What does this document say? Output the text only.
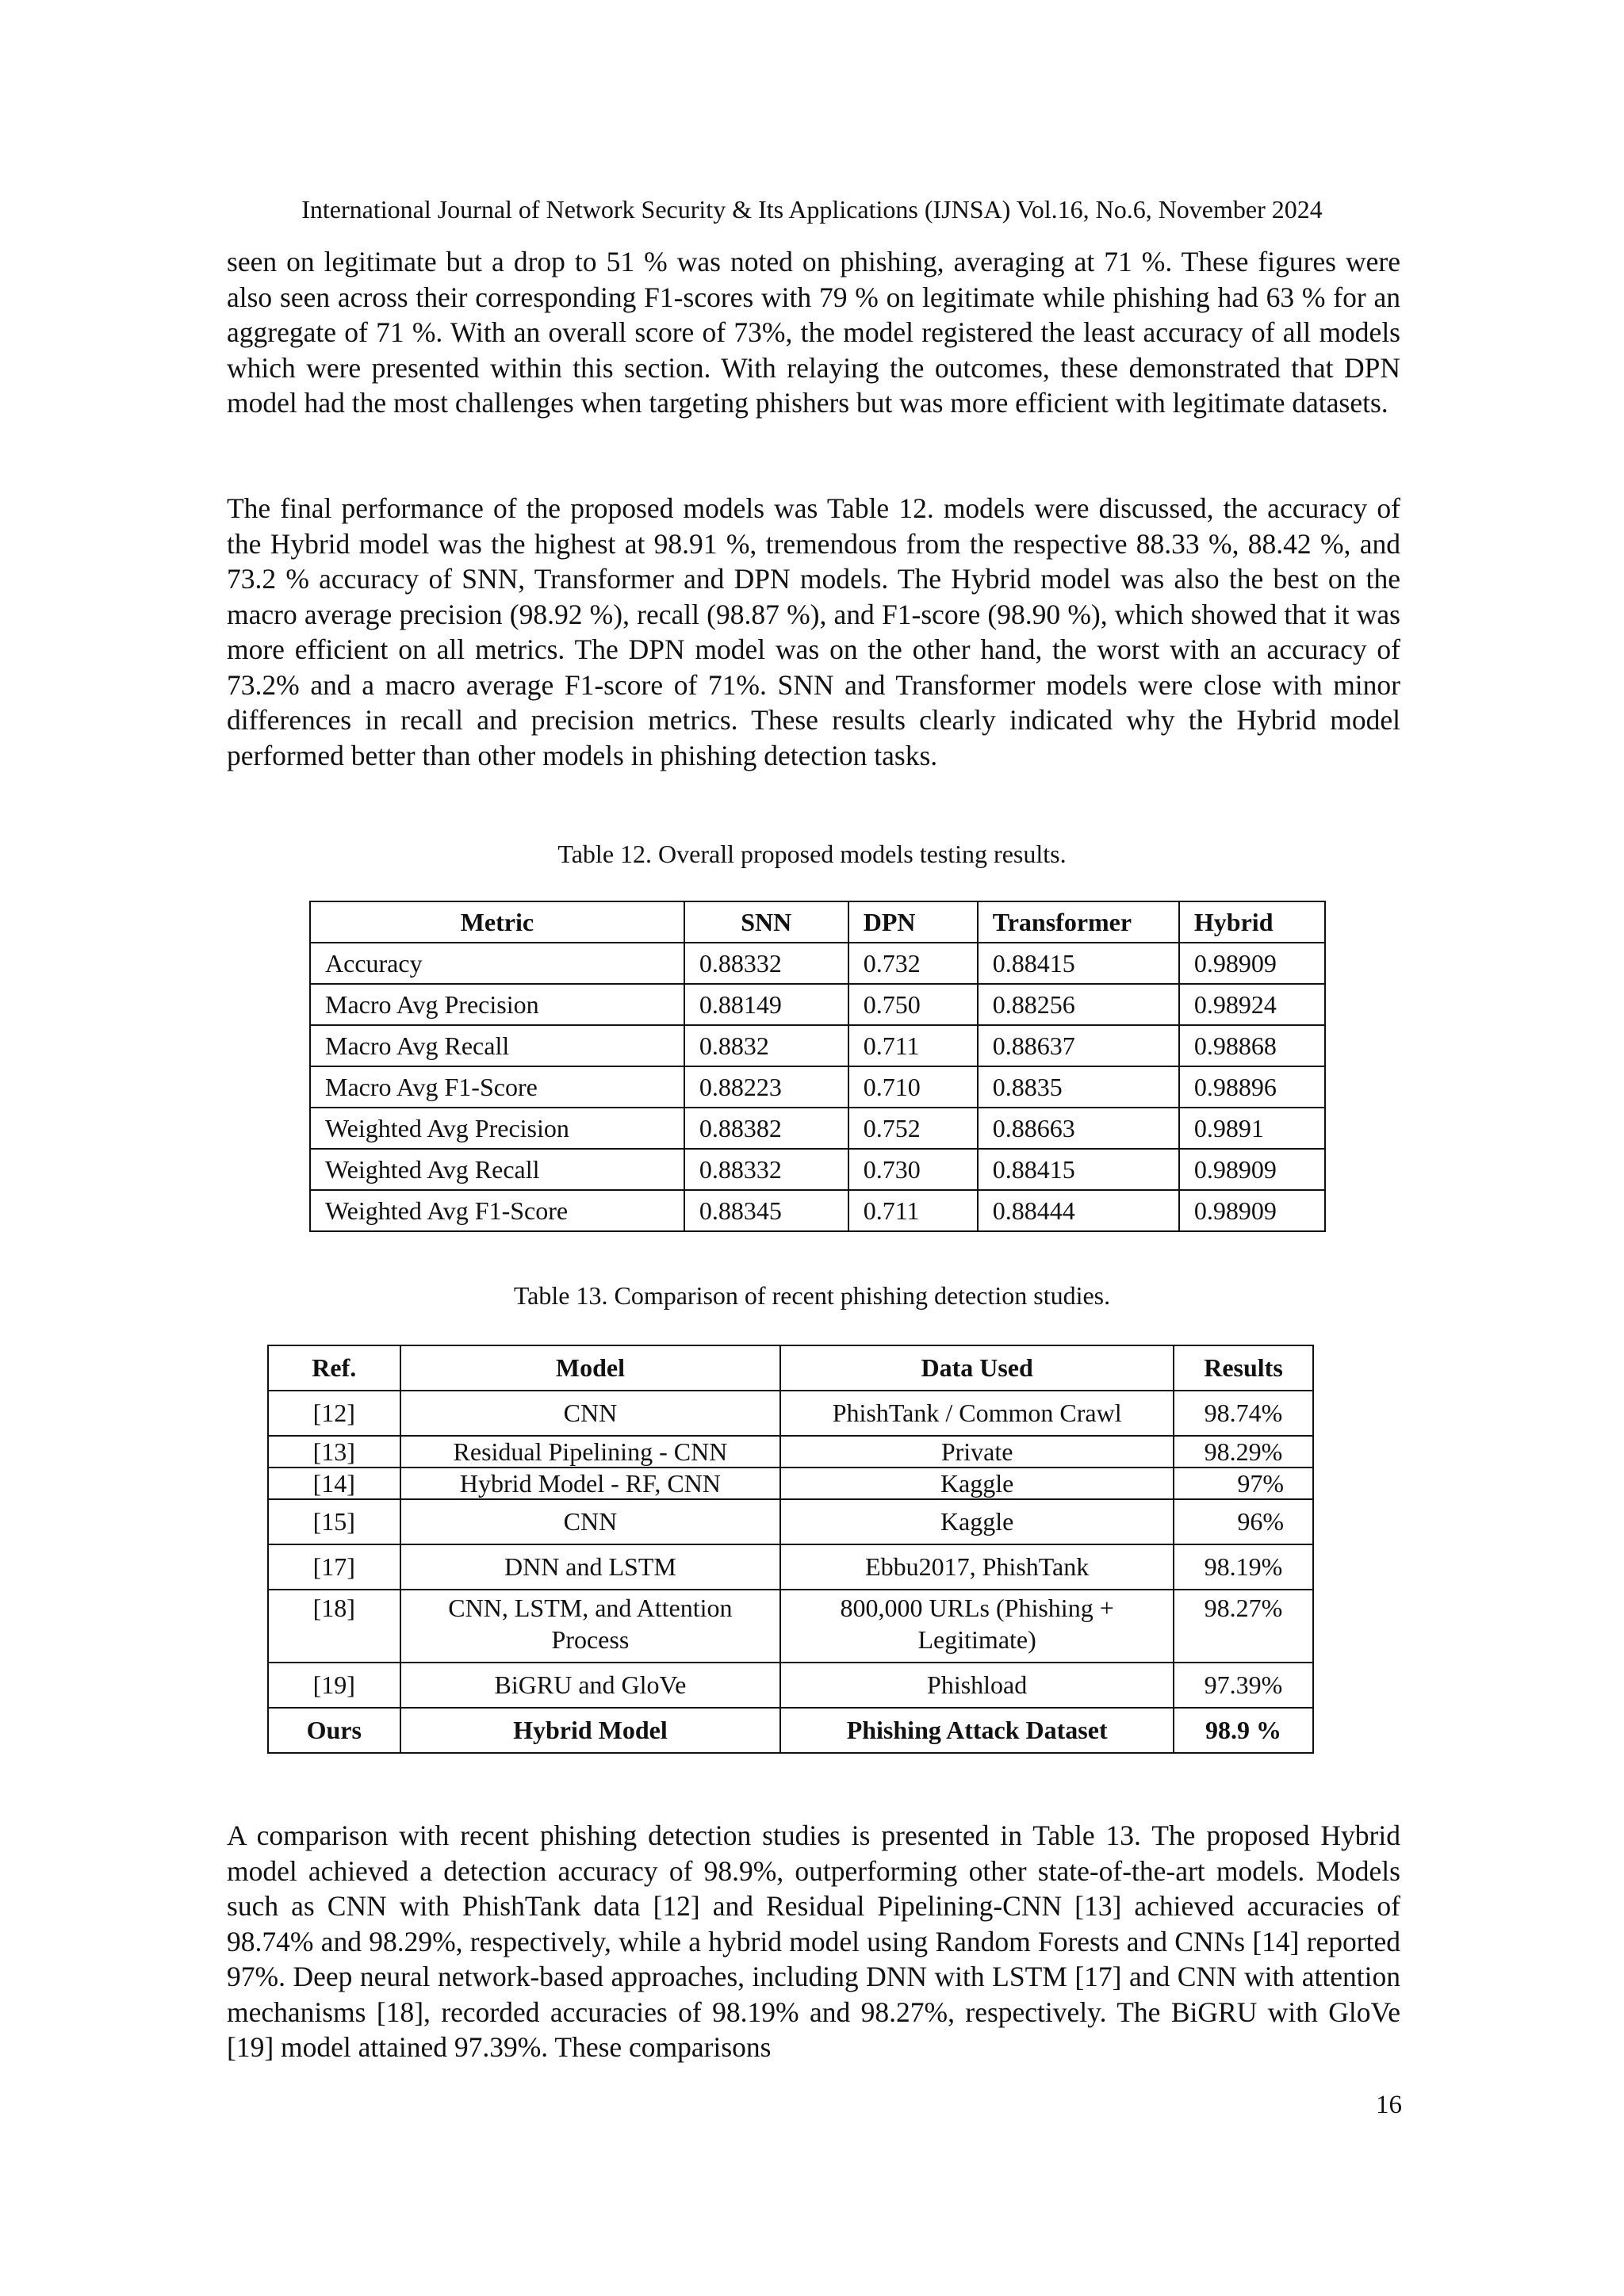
International Journal of Network Security & Its Applications (IJNSA) Vol.16, No.6, November 2024

seen on legitimate but a drop to 51 % was noted on phishing, averaging at 71 %. These figures were also seen across their corresponding F1-scores with 79 % on legitimate while phishing had 63 % for an aggregate of 71 %. With an overall score of 73%, the model registered the least accuracy of all models which were presented within this section. With relaying the outcomes, these demonstrated that DPN model had the most challenges when targeting phishers but was more efficient with legitimate datasets.

The final performance of the proposed models was Table 12. models were discussed, the accuracy of the Hybrid model was the highest at 98.91 %, tremendous from the respective 88.33 %, 88.42 %, and 73.2 % accuracy of SNN, Transformer and DPN models. The Hybrid model was also the best on the macro average precision (98.92 %), recall (98.87 %), and F1-score (98.90 %), which showed that it was more efficient on all metrics. The DPN model was on the other hand, the worst with an accuracy of 73.2% and a macro average F1-score of 71%. SNN and Transformer models were close with minor differences in recall and precision metrics. These results clearly indicated why the Hybrid model performed better than other models in phishing detection tasks.

Table 12. Overall proposed models testing results.
Metric	SNN	DPN	Transformer	Hybrid
Accuracy	0.88332	0.732	0.88415	0.98909
Macro Avg Precision	0.88149	0.750	0.88256	0.98924
Macro Avg Recall	0.8832	0.711	0.88637	0.98868
Macro Avg F1-Score	0.88223	0.710	0.8835	0.98896
Weighted Avg Precision	0.88382	0.752	0.88663	0.9891
Weighted Avg Recall	0.88332	0.730	0.88415	0.98909
Weighted Avg F1-Score	0.88345	0.711	0.88444	0.98909
Table 13. Comparison of recent phishing detection studies.
Ref.	Model	Data Used	Results
[12]	CNN	PhishTank / Common Crawl	98.74%
[13]	Residual Pipelining - CNN	Private	98.29%
[14]	Hybrid Model - RF, CNN	Kaggle	97%
[15]	CNN	Kaggle	96%
[17]	DNN and LSTM	Ebbu2017, PhishTank	98.19%
[18]	CNN, LSTM, and Attention Process	800,000 URLs (Phishing + Legitimate)	98.27%
[19]	BiGRU and GloVe	Phishload	97.39%
Ours	Hybrid Model	Phishing Attack Dataset	98.9 %

A comparison with recent phishing detection studies is presented in Table 13. The proposed Hybrid model achieved a detection accuracy of 98.9%, outperforming other state-of-the-art models. Models such as CNN with PhishTank data [12] and Residual Pipelining-CNN [13] achieved accuracies of 98.74% and 98.29%, respectively, while a hybrid model using Random Forests and CNNs [14] reported 97%. Deep neural network-based approaches, including DNN with LSTM [17] and CNN with attention mechanisms [18], recorded accuracies of 98.19% and 98.27%, respectively. The BiGRU with GloVe [19] model attained 97.39%. These comparisons

16
